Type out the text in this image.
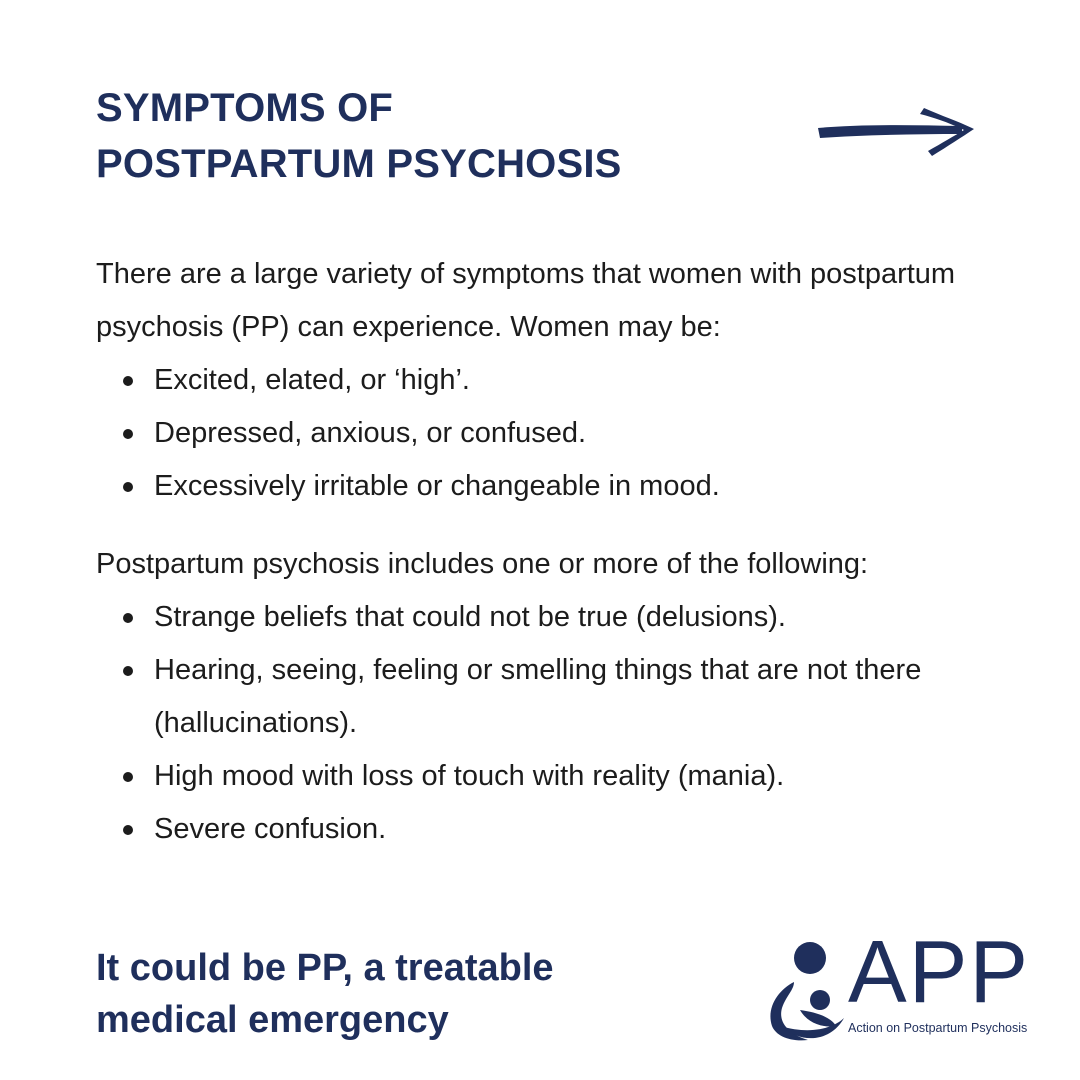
SYMPTOMS OF
POSTPARTUM PSYCHOSIS

There are a large variety of symptoms that women with postpartum psychosis (PP) can experience. Women may be:

Excited, elated, or ‘high’.
Depressed, anxious, or confused.
Excessively irritable or changeable in mood.

Postpartum psychosis includes one or more of the following:

Strange beliefs that could not be true (delusions).
Hearing, seeing, feeling or smelling things that are not there (hallucinations).
High mood with loss of touch with reality (mania).
Severe confusion.
It could be PP, a treatable
medical emergency	APP
Action on Postpartum Psychosis
